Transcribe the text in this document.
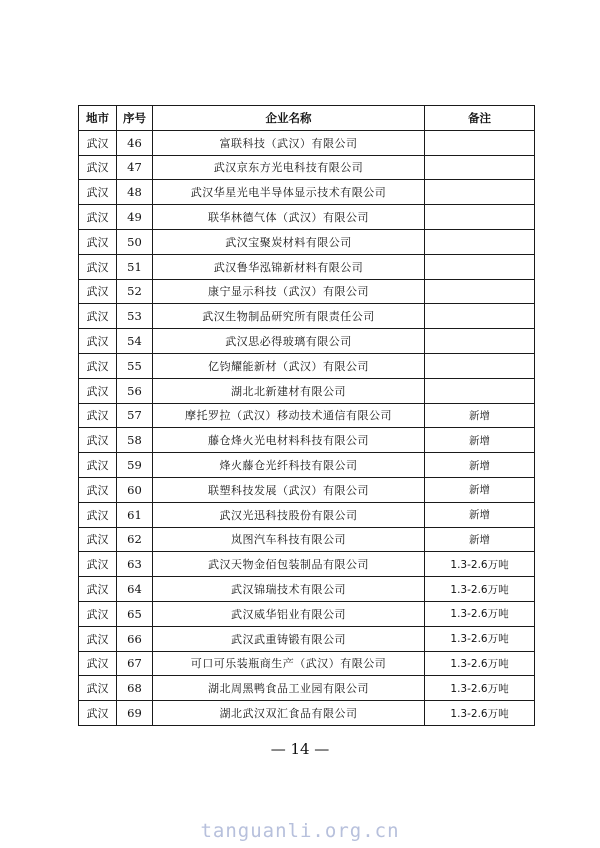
地市	序号	企业名称	备注
武汉	46	富联科技（武汉）有限公司	
武汉	47	武汉京东方光电科技有限公司	
武汉	48	武汉华星光电半导体显示技术有限公司	
武汉	49	联华林德气体（武汉）有限公司	
武汉	50	武汉宝聚炭材料有限公司	
武汉	51	武汉鲁华泓锦新材料有限公司	
武汉	52	康宁显示科技（武汉）有限公司	
武汉	53	武汉生物制品研究所有限责任公司	
武汉	54	武汉思必得玻璃有限公司	
武汉	55	亿钧耀能新材（武汉）有限公司	
武汉	56	湖北北新建材有限公司	
武汉	57	摩托罗拉（武汉）移动技术通信有限公司	新增
武汉	58	藤仓烽火光电材料科技有限公司	新增
武汉	59	烽火藤仓光纤科技有限公司	新增
武汉	60	联塑科技发展（武汉）有限公司	新增
武汉	61	武汉光迅科技股份有限公司	新增
武汉	62	岚图汽车科技有限公司	新增
武汉	63	武汉天物金佰包装制品有限公司	1.3-2.6万吨
武汉	64	武汉锦瑞技术有限公司	1.3-2.6万吨
武汉	65	武汉威华铝业有限公司	1.3-2.6万吨
武汉	66	武汉武重铸锻有限公司	1.3-2.6万吨
武汉	67	可口可乐装瓶商生产（武汉）有限公司	1.3-2.6万吨
武汉	68	湖北周黑鸭食品工业园有限公司	1.3-2.6万吨
武汉	69	湖北武汉双汇食品有限公司	1.3-2.6万吨
— 14 —
tanguanli.org.cn
